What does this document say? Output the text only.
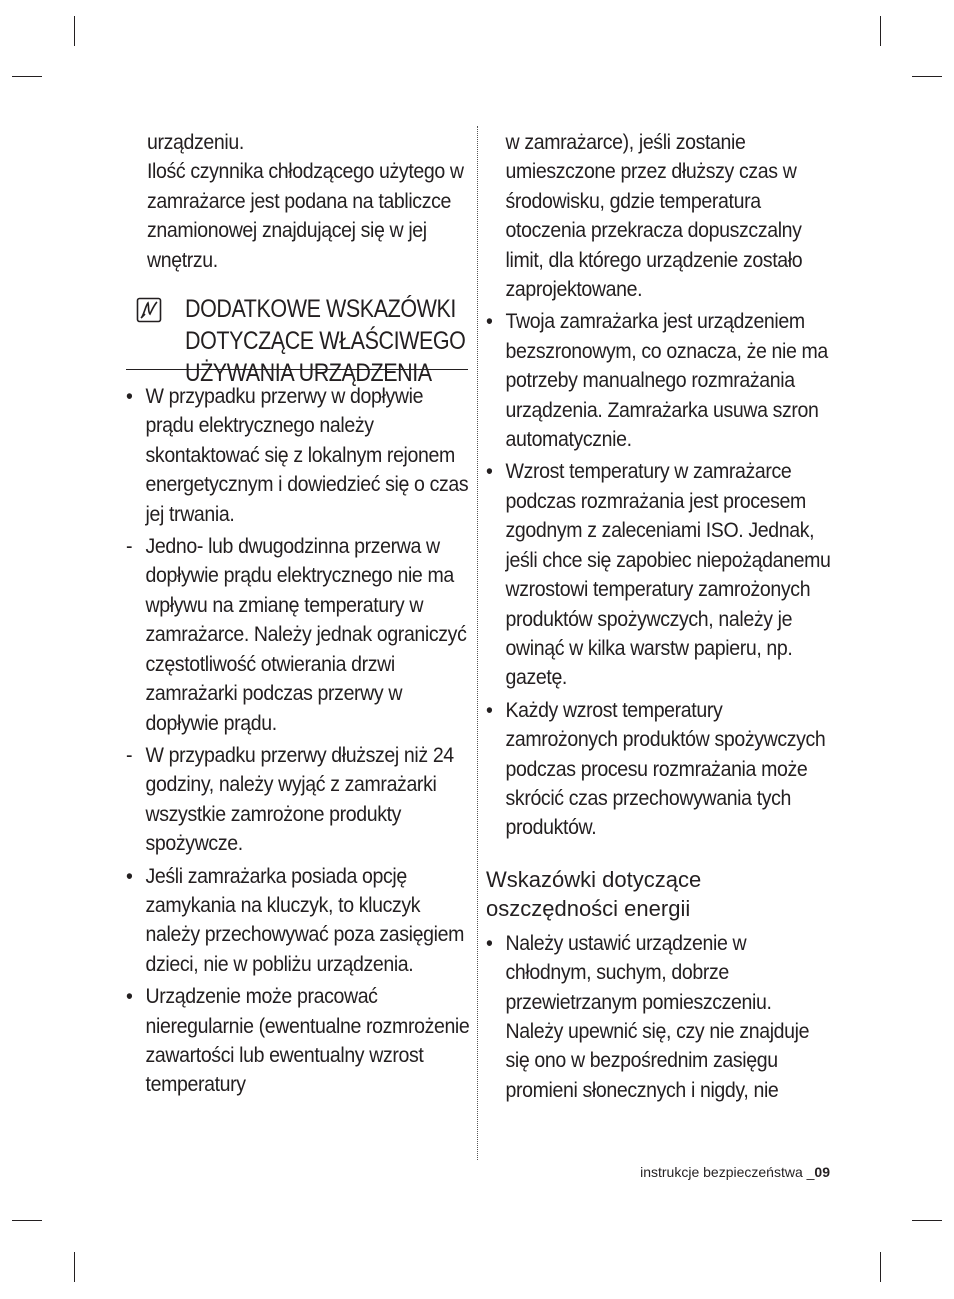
urządzeniu.

Ilość czynnika chłodzącego użytego w zamrażarce jest podana na tabliczce znamionowej znajdującej się w jej wnętrzu.

DODATKOWE WSKAZÓWKI
DOTYCZĄCE WŁAŚCIWEGO
UŻYWANIA URZĄDZENIA
• W przypadku przerwy w dopływie prądu elektrycznego należy skontaktować się z lokalnym rejonem energetycznym i dowiedzieć się o czas jej trwania.
- Jedno- lub dwugodzinna przerwa w dopływie prądu elektrycznego nie ma wpływu na zmianę temperatury w zamrażarce. Należy jednak ograniczyć częstotliwość otwierania drzwi zamrażarki podczas przerwy w dopływie prądu.
- W przypadku przerwy dłuższej niż 24 godziny, należy wyjąć z zamrażarki wszystkie zamrożone produkty spożywcze.
• Jeśli zamrażarka posiada opcję zamykania na kluczyk, to kluczyk należy przechowywać poza zasięgiem dzieci, nie w pobliżu urządzenia.
• Urządzenie może pracować nieregularnie (ewentualne rozmrożenie zawartości lub ewentualny wzrost temperatury
w zamrażarce), jeśli zostanie umieszczone przez dłuższy czas w środowisku, gdzie temperatura otoczenia przekracza dopuszczalny limit, dla którego urządzenie zostało zaprojektowane.
• Twoja zamrażarka jest urządzeniem bezszronowym, co oznacza, że nie ma potrzeby manualnego rozmrażania urządzenia. Zamrażarka usuwa szron automatycznie.
• Wzrost temperatury w zamrażarce podczas rozmrażania jest procesem zgodnym z zaleceniami ISO. Jednak, jeśli chce się zapobiec niepożądanemu wzrostowi temperatury zamrożonych produktów spożywczych, należy je owinąć w kilka warstw papieru, np. gazetę.
• Każdy wzrost temperatury zamrożonych produktów spożywczych podczas procesu rozmrażania może skrócić czas przechowywania tych produktów.
Wskazówki dotyczące oszczędności energii
• Należy ustawić urządzenie w chłodnym, suchym, dobrze przewietrzanym pomieszczeniu. Należy upewnić się, czy nie znajduje się ono w bezpośrednim zasięgu promieni słonecznych i nigdy, nie
instrukcje bezpieczeństwa _09
